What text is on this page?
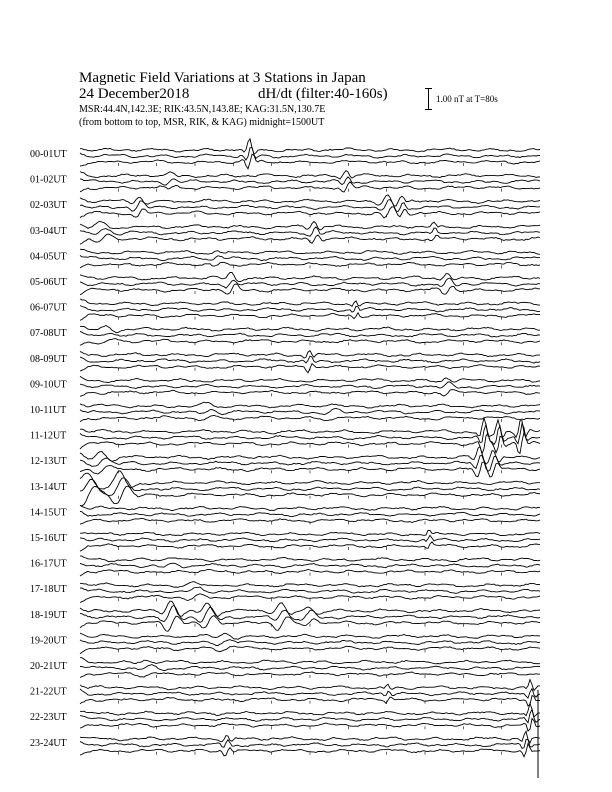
Magnetic Field Variations at 3 Stations in Japan
24 December2018	dH/dt (filter:40-160s)
MSR:44.4N,142.3E; RIK:43.5N,143.8E; KAG:31.5N,130.7E
(from bottom to top, MSR, RIK, & KAG) midnight=1500UT
1.00 nT at T=80s
00-01UT
01-02UT
02-03UT
03-04UT
04-05UT
05-06UT
06-07UT
07-08UT
08-09UT
09-10UT
10-11UT
11-12UT
12-13UT
13-14UT
14-15UT
15-16UT
16-17UT
17-18UT
18-19UT
19-20UT
20-21UT
21-22UT
22-23UT
23-24UT
